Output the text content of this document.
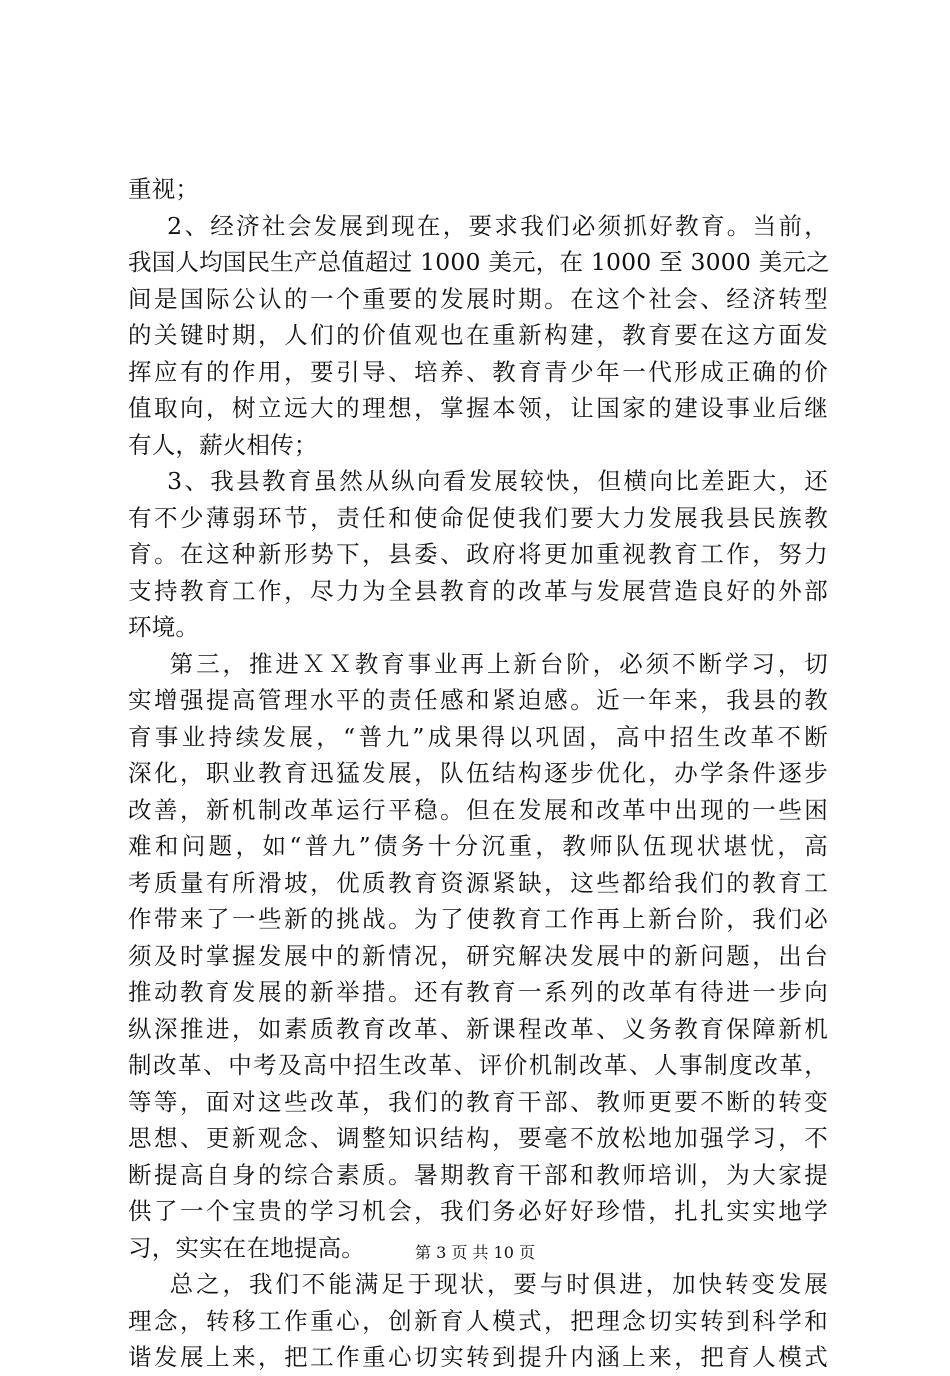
重视；
2、经济社会发展到现在，要求我们必须抓好教育。当前，
我国人均国民生产总值超过 1000 美元，在 1000 至 3000 美元之
间是国际公认的一个重要的发展时期。在这个社会、经济转型
的关键时期，人们的价值观也在重新构建，教育要在这方面发
挥应有的作用，要引导、培养、教育青少年一代形成正确的价
值取向，树立远大的理想，掌握本领，让国家的建设事业后继
有人，薪火相传；
3、我县教育虽然从纵向看发展较快，但横向比差距大，还
有不少薄弱环节，责任和使命促使我们要大力发展我县民族教
育。在这种新形势下，县委、政府将更加重视教育工作，努力
支持教育工作，尽力为全县教育的改革与发展营造良好的外部
环境。
第三，推进ＸＸ教育事业再上新台阶，必须不断学习，切
实增强提高管理水平的责任感和紧迫感。近一年来，我县的教
育事业持续发展，“普九”成果得以巩固，高中招生改革不断
深化，职业教育迅猛发展，队伍结构逐步优化，办学条件逐步
改善，新机制改革运行平稳。但在发展和改革中出现的一些困
难和问题，如“普九”债务十分沉重，教师队伍现状堪忧，高
考质量有所滑坡，优质教育资源紧缺，这些都给我们的教育工
作带来了一些新的挑战。为了使教育工作再上新台阶，我们必
须及时掌握发展中的新情况，研究解决发展中的新问题，出台
推动教育发展的新举措。还有教育一系列的改革有待进一步向
纵深推进，如素质教育改革、新课程改革、义务教育保障新机
制改革、中考及高中招生改革、评价机制改革、人事制度改革，
等等，面对这些改革，我们的教育干部、教师更要不断的转变
思想、更新观念、调整知识结构，要毫不放松地加强学习，不
断提高自身的综合素质。暑期教育干部和教师培训，为大家提
供了一个宝贵的学习机会，我们务必好好珍惜，扎扎实实地学
习，实实在在地提高。
总之，我们不能满足于现状，要与时俱进，加快转变发展
理念，转移工作重心，创新育人模式，把理念切实转到科学和
谐发展上来，把工作重心切实转到提升内涵上来，把育人模式
第 3 页 共 10 页
